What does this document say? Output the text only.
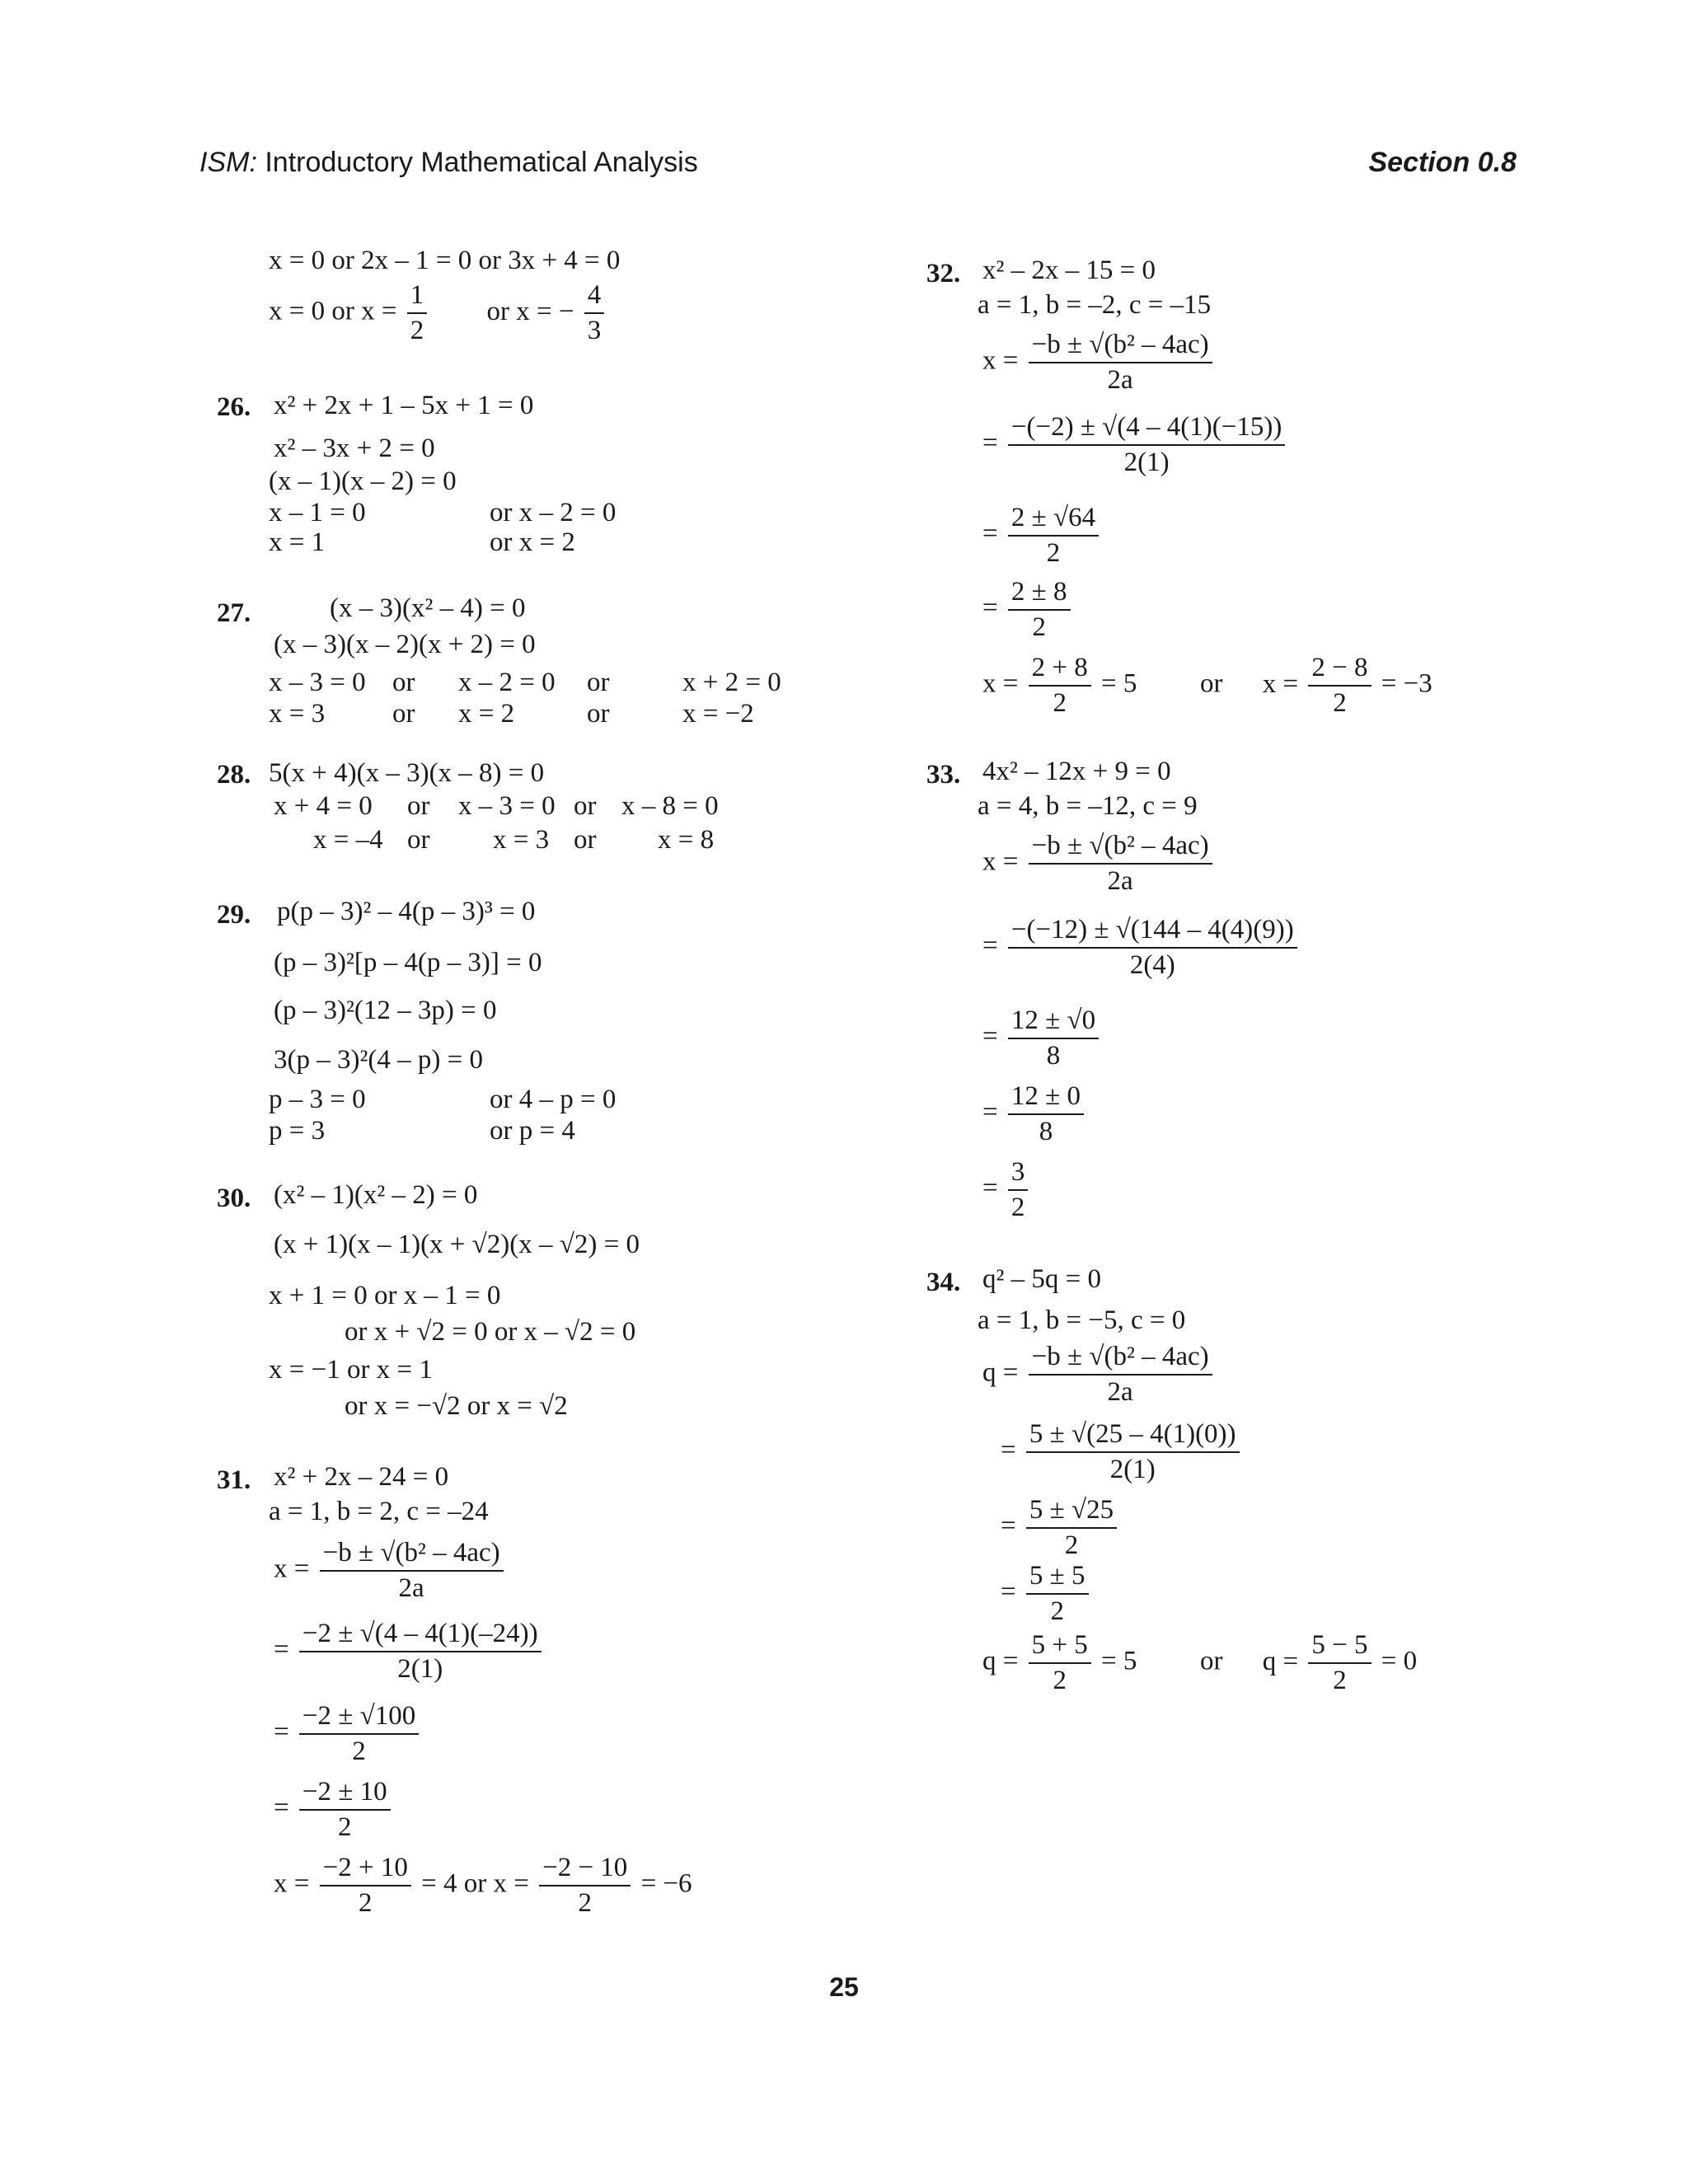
ISM: Introductory Mathematical Analysis	Section 0.8
x = 0 or 2x – 1 = 0 or 3x + 4 = 0
x = 0 or $x = \frac{1}{2}$ or x = − $\frac{4}{3}$
26. x² + 2x + 1 – 5x + 1 = 0
x² – 3x + 2 = 0
(x – 1)(x – 2) = 0
x – 1 = 0	or x – 2 = 0
x = 1	or x = 2
27.	(x – 3)(x² – 4) = 0
(x – 3)(x – 2)(x + 2) = 0
x – 3 = 0 or x – 2 = 0 or	x + 2 = 0
x = 3 or x = 2	or	x = −2
28. 5(x + 4)(x – 3)(x – 8) = 0
x + 4 = 0 or x – 3 = 0 or x – 8 = 0
x = –4 or x = 3 or x = 8
29. p(p – 3)² – 4(p – 3)³ = 0
(p – 3)²[p – 4(p – 3)] = 0
(p – 3)²(12 – 3p) = 0
3(p – 3)²(4 – p) = 0
p – 3 = 0	or 4 – p = 0
p = 3	or p = 4
30. (x² – 1)(x² – 2) = 0
(x + 1)(x – 1)(x + √2)(x – √2) = 0
x + 1 = 0 or x – 1 = 0
or x + √2 = 0 or x – √2 = 0
x = −1 or x = 1
or x = −√2 or x = √2
31. x² + 2x – 24 = 0
a = 1, b = 2, c = –24
$x = \frac{\text{−b ± √(b² – 4ac)}}{2a}$
= $\frac{-2 \pm √(4 - 4(1)(-24))}{2(1)}$
= $\frac{-2 \pm √100}{2}$
= $\frac{-2 \pm 10}{2}$
$x = \frac{-2 + 10}{2} = 4$ or $x = \frac{-2 - 10}{2} = -6$
32. x² – 2x – 15 = 0
a = 1, b = –2, c = –15
$x = \frac{\text{−b ± √(b² – 4ac)}}{2a}$
= $\frac{-(-2) \pm √(4 - 4(1)(-15))}{2(1)}$
= $\frac{2 \pm √64}{2}$
= $\frac{2 \pm 8}{2}$
$x = \frac{2 + 8}{2} = 5$ or $x = \frac{2 - 8}{2} = -3$
33. 4x² – 12x + 9 = 0
a = 4, b = –12, c = 9
$x = \frac{\text{−b ± √(b² – 4ac)}}{2a}$
= $\frac{-(-12) \pm √(144 - 4(4)(9))}{2(4)}$
= $\frac{12 \pm √0}{8}$
= $\frac{12 \pm 0}{8}$
= $\frac{3}{2}$
34. q² – 5q = 0
a = 1, b = −5, c = 0
$q = \frac{\text{−b ± √(b² – 4ac)}}{2a}$
= $\frac{5 \pm √(25 - 4(1)(0))}{2(1)}$
= $\frac{5 \pm √25}{2}$
= $\frac{5 \pm 5}{2}$
$q = \frac{5 + 5}{2} = 5$ or $q = \frac{5 - 5}{2} = 0$
25
